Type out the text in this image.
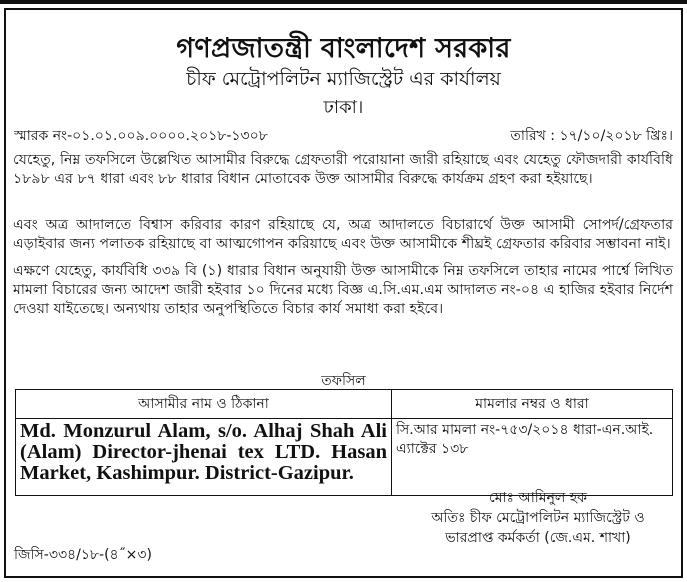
গণপ্রজাতন্ত্রী বাংলাদেশ সরকার
চীফ মেট্রোপলিটন ম্যাজিস্ট্রেট এর কার্যালয়
ঢাকা।
স্মারক নং-০১.০১.০০৯.০০০০.২০১৮-১৩০৮	তারিখ : ১৭/১০/২০১৮ খ্রিঃ।
যেহেতু, নিম্ন তফসিলে উল্লেখিত আসামীর বিরুদ্ধে গ্রেফতারী পরোয়ানা জারী রহিয়াছে এবং যেহেতু ফৌজদারী কার্যবিধি ১৮৯৮ এর ৮৭ ধারা এবং ৮৮ ধারার বিধান মোতাবেক উক্ত আসামীর বিরুদ্ধে কার্যক্রম গ্রহণ করা হইয়াছে।
এবং অত্র আদালতে বিশ্বাস করিবার কারণ রহিয়াছে যে, অত্র আদালতে বিচারার্থে উক্ত আসামী সোপর্দ/গ্রেফতার এড়াইবার জন্য পলাতক রহিয়াছে বা আত্মগোপন করিয়াছে এবং উক্ত আসামীকে শীঘ্রই গ্রেফতার করিবার সম্ভাবনা নাই।
এক্ষণে যেহেতু, কার্যবিধি ৩৩৯ বি (১) ধারার বিধান অনুযায়ী উক্ত আসামীকে নিম্ন তফসিলে তাহার নামের পার্শ্বে লিখিত মামলা বিচারের জন্য আদেশ জারী হইবার ১০ দিনের মধ্যে বিজ্ঞ এ.সি.এম.এম আদালত নং-০৪ এ হাজির হইবার নির্দেশ দেওয়া যাইতেছে। অন্যথায় তাহার অনুপস্থিতিতে বিচার কার্য সমাধা করা হইবে।
তফসিল
আসামীর নাম ও ঠিকানা	মামলার নম্বর ও ধারা
Md. Monzurul Alam, s/o. Alhaj Shah Ali (Alam) Director-jhenai tex LTD. Hasan Market, Kashimpur. District-Gazipur.	সি.আর মামলা নং-৭৫৩/২০১৪ ধারা-এন.আই. এ্যাক্টের ১৩৮
মোঃ আমিনুল হক
অতিঃ চীফ মেট্রোপলিটন ম্যাজিস্ট্রেট ও
ভারপ্রাপ্ত কর্মকর্তা (জে.এম. শাখা)
জিসি-৩৩৪/১৮-(৪˝×৩)
